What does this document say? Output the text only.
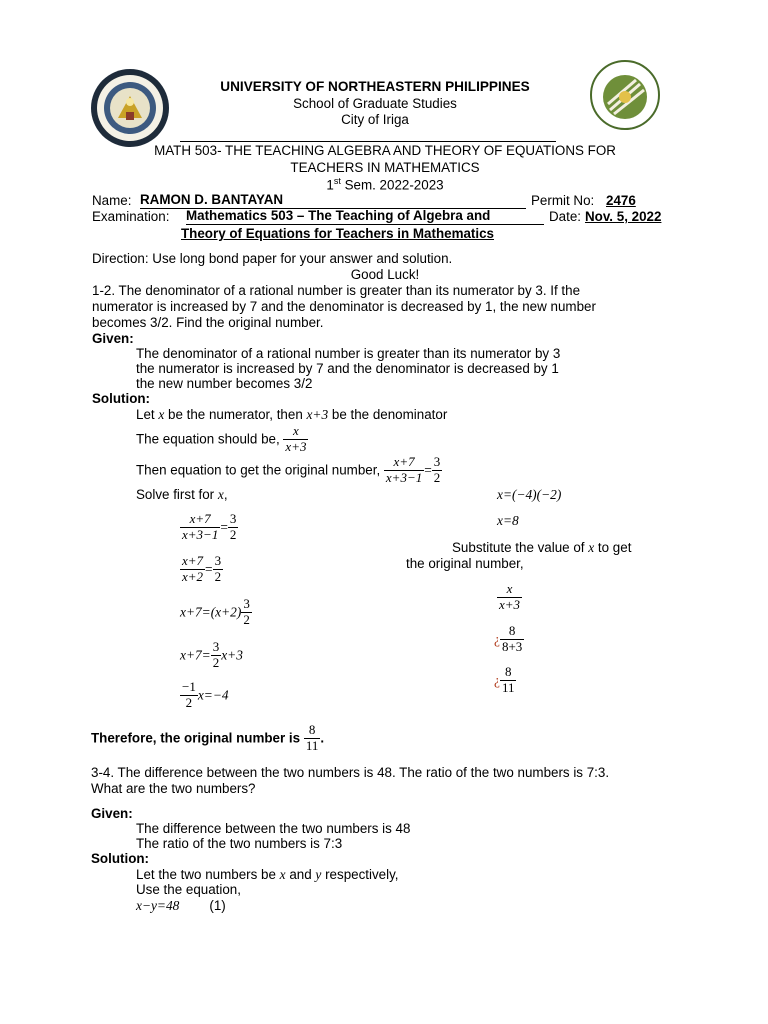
UNIVERSITY OF NORTHEASTERN PHILIPPINES
School of Graduate Studies
City of Iriga
MATH 503- THE TEACHING ALGEBRA AND THEORY OF EQUATIONS FOR
TEACHERS IN MATHEMATICS
1st Sem. 2022-2023
Name: RAMON D. BANTAYAN	Permit No: 2476
Examination: Mathematics 503 – The Teaching of Algebra and	Date: Nov. 5, 2022
Theory of Equations for Teachers in Mathematics
Direction: Use long bond paper for your answer and solution.
Good Luck!
1-2. The denominator of a rational number is greater than its numerator by 3. If the
numerator is increased by 7 and the denominator is decreased by 1, the new number
becomes 3/2. Find the original number.
Given:
The denominator of a rational number is greater than its numerator by 3
the numerator is increased by 7 and the denominator is decreased by 1
the new number becomes 3/2
Solution:
Let x be the numerator, then x+3 be the denominator
The equation should be, $\frac{x}{x+3}$
Then equation to get the original number, $\frac{x+7}{x+3-1} = \frac{3}{2}$
Solve first for x,
$\frac{x+7}{x+3-1} = \frac{3}{2}$
$\frac{x+7}{x+2} = \frac{3}{2}$
$x+7=(x+2) \frac{3}{2}$
$x+7= \frac{3}{2} x+3$
$\frac{-1}{2} x=-4$
x=(−4)(−2)
x=8
Substitute the value of x to get
the original number,
$\frac{x}{x+3}$
¿ $\frac{8}{8+3}$
¿ $\frac{8}{11}$
Therefore, the original number is $\frac{8}{11}$ .
3-4. The difference between the two numbers is 48. The ratio of the two numbers is 7:3.
What are the two numbers?
Given:
The difference between the two numbers is 48
The ratio of the two numbers is 7:3
Solution:
Let the two numbers be x and y respectively,
Use the equation,
x−y=48 (1)
